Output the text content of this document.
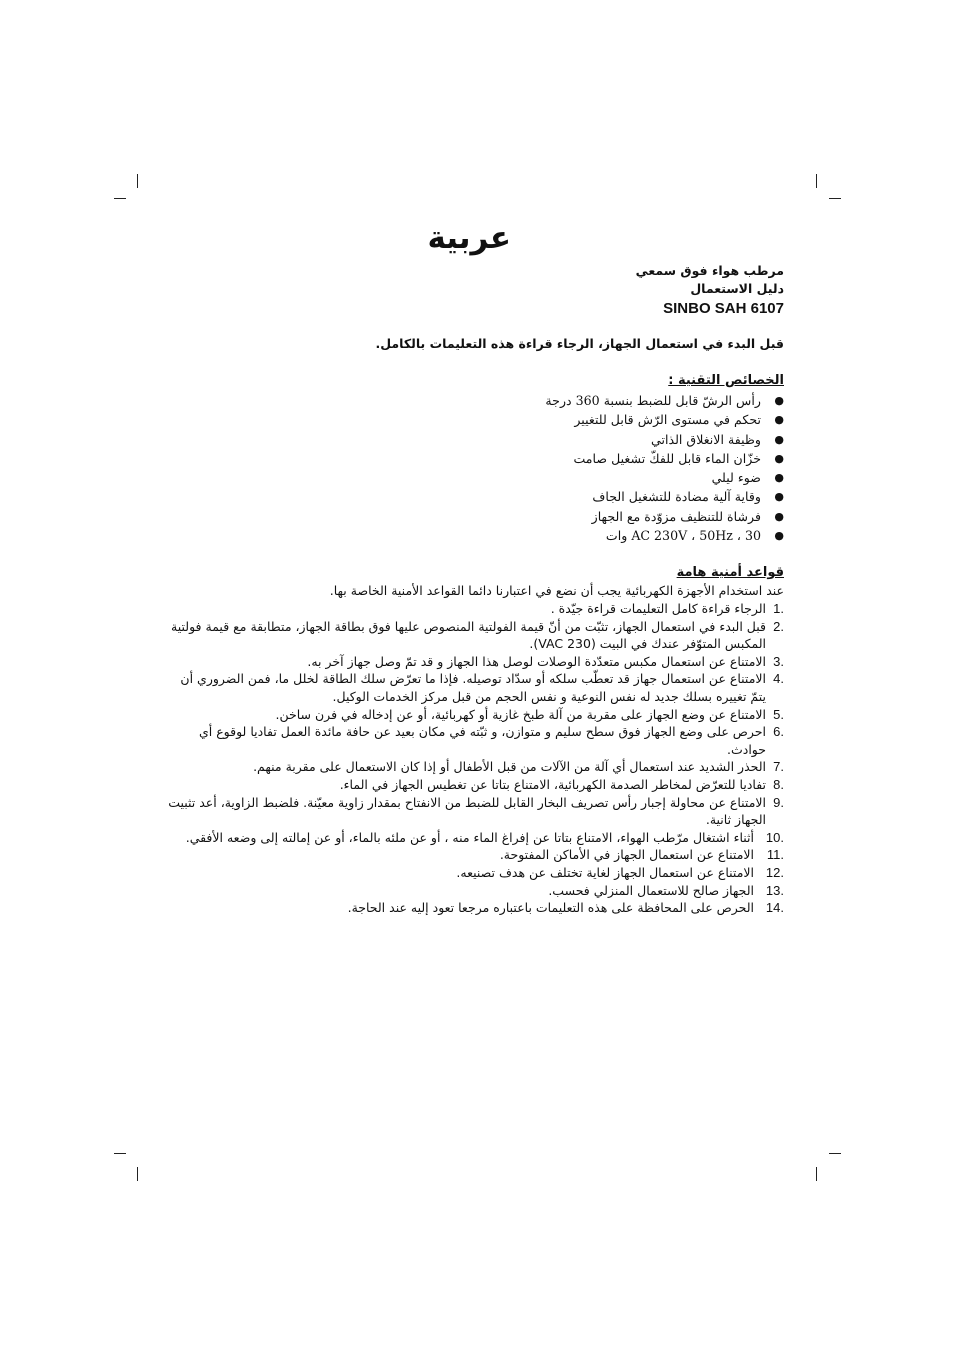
عربية
مرطب هواء فوق سمعي
دليل الاستعمال
SINBO SAH 6107
قبل البدء في استعمال الجهاز، الرجاء قراءة هذه التعليمات بالكامل.
الخصائص التقنية :
●
رأس الرشّ قابل للضبط بنسبة 360 درجة
●
تحكم في مستوى الرّش قابل للتغيير
●
وظيفة الانغلاق الذاتي
●
خزّان الماء قابل للفكّ تشغيل صامت
●
ضوء ليلي
●
وقاية آلية مضادة للتشغيل الجاف
●
فرشاة للتنظيف مزوّدة مع الجهاز
●
AC 230V ، 50Hz ، 30 وات
قواعد أمنية هامة
عند استخدام الأجهزة الكهربائية يجب أن نضع في اعتبارنا دائما القواعد الأمنية الخاصة بها.
1.
الرجاء قراءة كامل التعليمات قراءة جيّدة .
2.
قبل البدء في استعمال الجهاز، تثبّت من أنّ قيمة الفولتية المنصوص عليها فوق بطاقة الجهاز، متطابقة مع قيمة فولتية المكبس المتوّفر عندك في البيت (VAC 230).
3.
الامتناع عن استعمال مكبس متعدّدة الوصلات لوصل هذا الجهاز و قد تمّ وصل جهاز آخر به.
4.
الامتناع عن استعمال جهاز قد تعطّب سلكه أو سدّاد توصيله. فإذا ما تعرّض سلك الطاقة لخلل ما، فمن الضروري أن يتمّ تغييره بسلك جديد له نفس النوعية و نفس الحجم من قبل مركز الخدمات الوكيل.
5.
الامتناع عن وضع الجهاز على مقربة من آلة طبخ غازية أو كهربائية، أو عن إدخاله في فرن ساخن.
6.
احرص على وضع الجهاز فوق سطح سليم و متوازن، و ثبّته في مكان بعيد عن حافة مائدة العمل تفاديا لوقوع أي حوادث.
7.
الحذر الشديد عند استعمال أي آلة من الآلات من قبل الأطفال أو إذا كان الاستعمال على مقربة منهم.
8.
تفاديا للتعرّض لمخاطر الصدمة الكهربائية، الامتناع بتاتا عن تغطيس الجهاز في الماء.
9.
الامتناع عن محاولة إجبار رأس تصريف البخار القابل للضبط من الانفتاح بمقدار زاوية معيّنة. فلضبط الزاوية، أعد تثبيت الجهاز ثانية.
10.
أثناء اشتغال مرّطب الهواء، الامتناع بتاتا عن إفراغ الماء منه ، أو عن ملئه بالماء، أو عن إمالته إلى وضعه الأفقي.
11.
الامتناع عن استعمال الجهاز في الأماكن المفتوحة.
12.
الامتناع عن استعمال الجهاز لغاية تختلف عن هدف تصنيعه.
13.
الجهاز صالح للاستعمال المنزلي فحسب.
14.
الحرص على المحافظة على هذه التعليمات باعتباره مرجعا تعود إليه عند الحاجة.
